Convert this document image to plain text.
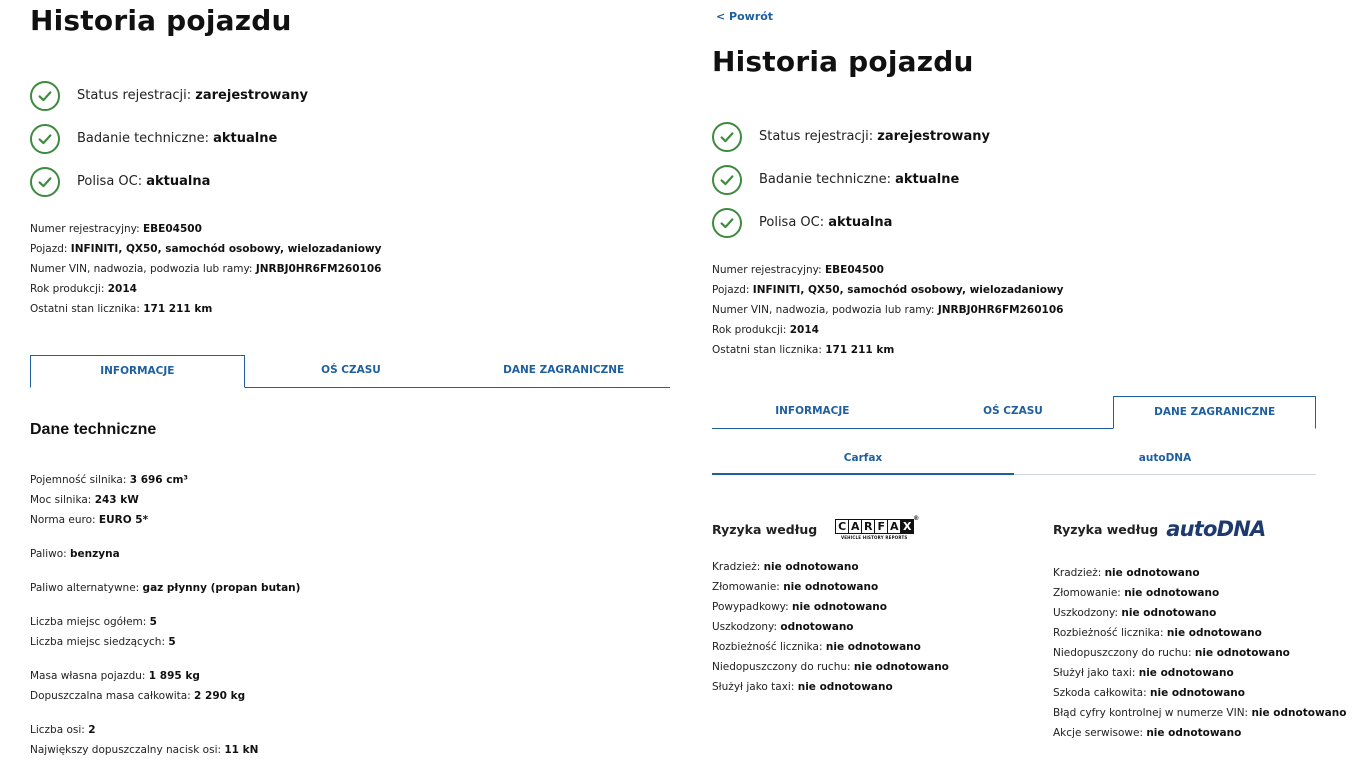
Historia pojazdu
Status rejestracji: zarejestrowany
Badanie techniczne: aktualne
Polisa OC: aktualna
Numer rejestracyjny: EBE04500
Pojazd: INFINITI, QX50, samochód osobowy, wielozadaniowy
Numer VIN, nadwozia, podwozia lub ramy: JNRBJ0HR6FM260106
Rok produkcji: 2014
Ostatni stan licznika: 171 211 km
INFORMACJE	OŚ CZASU	DANE ZAGRANICZNE
Dane techniczne
Pojemność silnika: 3 696 cm³
Moc silnika: 243 kW
Norma euro: EURO 5*
Paliwo: benzyna
Paliwo alternatywne: gaz płynny (propan butan)
Liczba miejsc ogółem: 5
Liczba miejsc siedzących: 5
Masa własna pojazdu: 1 895 kg
Dopuszczalna masa całkowita: 2 290 kg
Liczba osi: 2
Największy dopuszczalny nacisk osi: 11 kN
< Powrót
Historia pojazdu
Status rejestracji: zarejestrowany
Badanie techniczne: aktualne
Polisa OC: aktualna
Numer rejestracyjny: EBE04500
Pojazd: INFINITI, QX50, samochód osobowy, wielozadaniowy
Numer VIN, nadwozia, podwozia lub ramy: JNRBJ0HR6FM260106
Rok produkcji: 2014
Ostatni stan licznika: 171 211 km
INFORMACJE	OŚ CZASU	DANE ZAGRANICZNE
Carfax	autoDNA
Ryzyka według C A R F A X
VEHICLE HISTORY REPORTS
®
Kradzież: nie odnotowano
Złomowanie: nie odnotowano
Powypadkowy: nie odnotowano
Uszkodzony: odnotowano
Rozbieżność licznika: nie odnotowano
Niedopuszczony do ruchu: nie odnotowano
Służył jako taxi: nie odnotowano
Ryzyka według autoDNA
Kradzież: nie odnotowano
Złomowanie: nie odnotowano
Uszkodzony: nie odnotowano
Rozbieżność licznika: nie odnotowano
Niedopuszczony do ruchu: nie odnotowano
Służył jako taxi: nie odnotowano
Szkoda całkowita: nie odnotowano
Błąd cyfry kontrolnej w numerze VIN: nie odnotowano
Akcje serwisowe: nie odnotowano
